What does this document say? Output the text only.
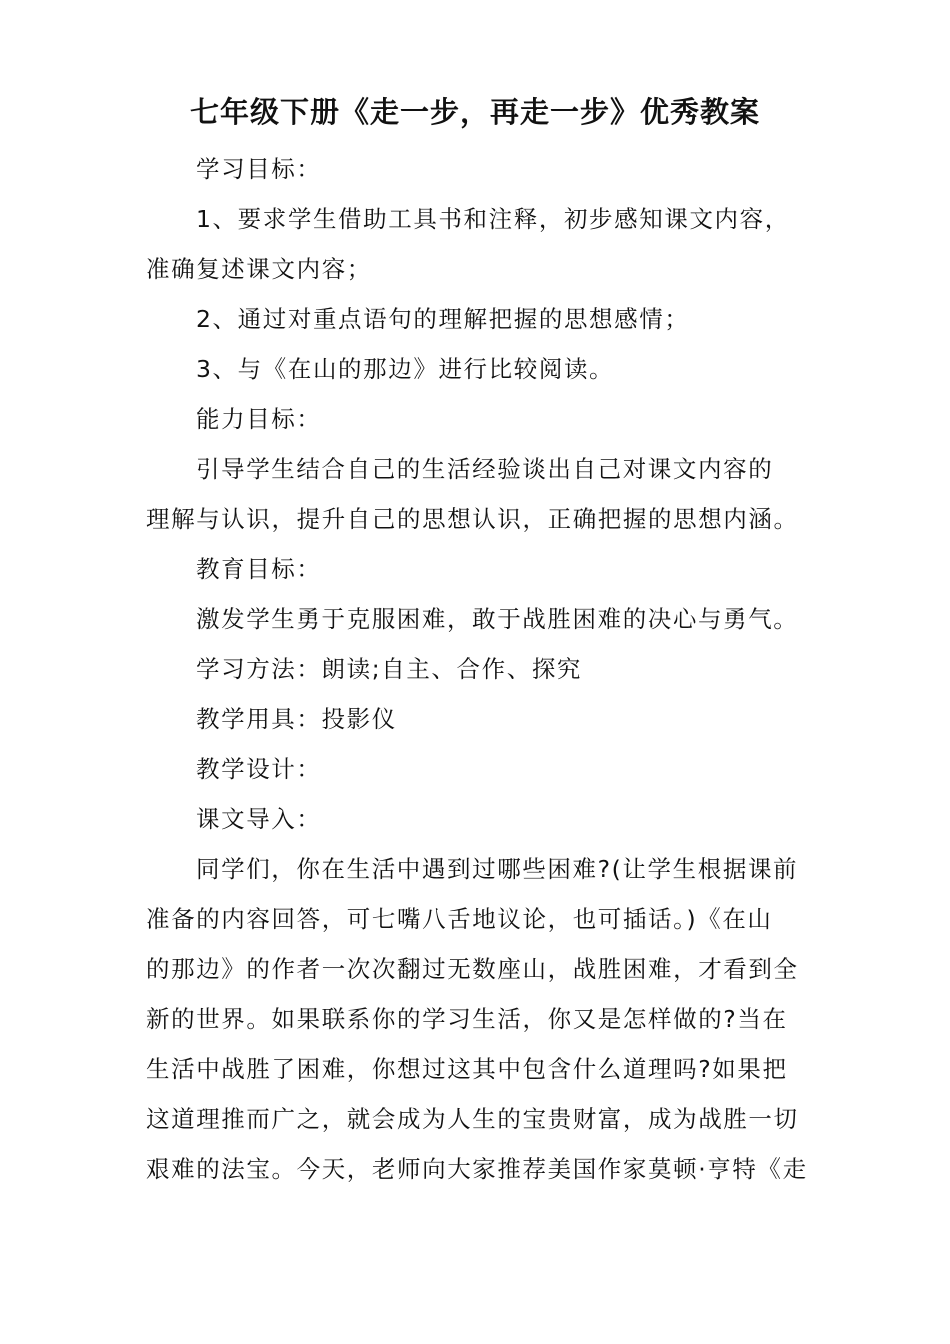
七年级下册《走一步，再走一步》优秀教案
学习目标：
1、要求学生借助工具书和注释，初步感知课文内容，
准确复述课文内容；
2、通过对重点语句的理解把握的思想感情；
3、与《在山的那边》进行比较阅读。
能力目标：
引导学生结合自己的生活经验谈出自己对课文内容的
理解与认识，提升自己的思想认识，正确把握的思想内涵。
教育目标：
激发学生勇于克服困难，敢于战胜困难的决心与勇气。
学习方法：朗读;自主、合作、探究
教学用具：投影仪
教学设计：
课文导入：
同学们，你在生活中遇到过哪些困难?(让学生根据课前
准备的内容回答，可七嘴八舌地议论，也可插话。)《在山
的那边》的作者一次次翻过无数座山，战胜困难，才看到全
新的世界。如果联系你的学习生活，你又是怎样做的?当在
生活中战胜了困难，你想过这其中包含什么道理吗?如果把
这道理推而广之，就会成为人生的宝贵财富，成为战胜一切
艰难的法宝。今天，老师向大家推荐美国作家莫顿·亨特《走
